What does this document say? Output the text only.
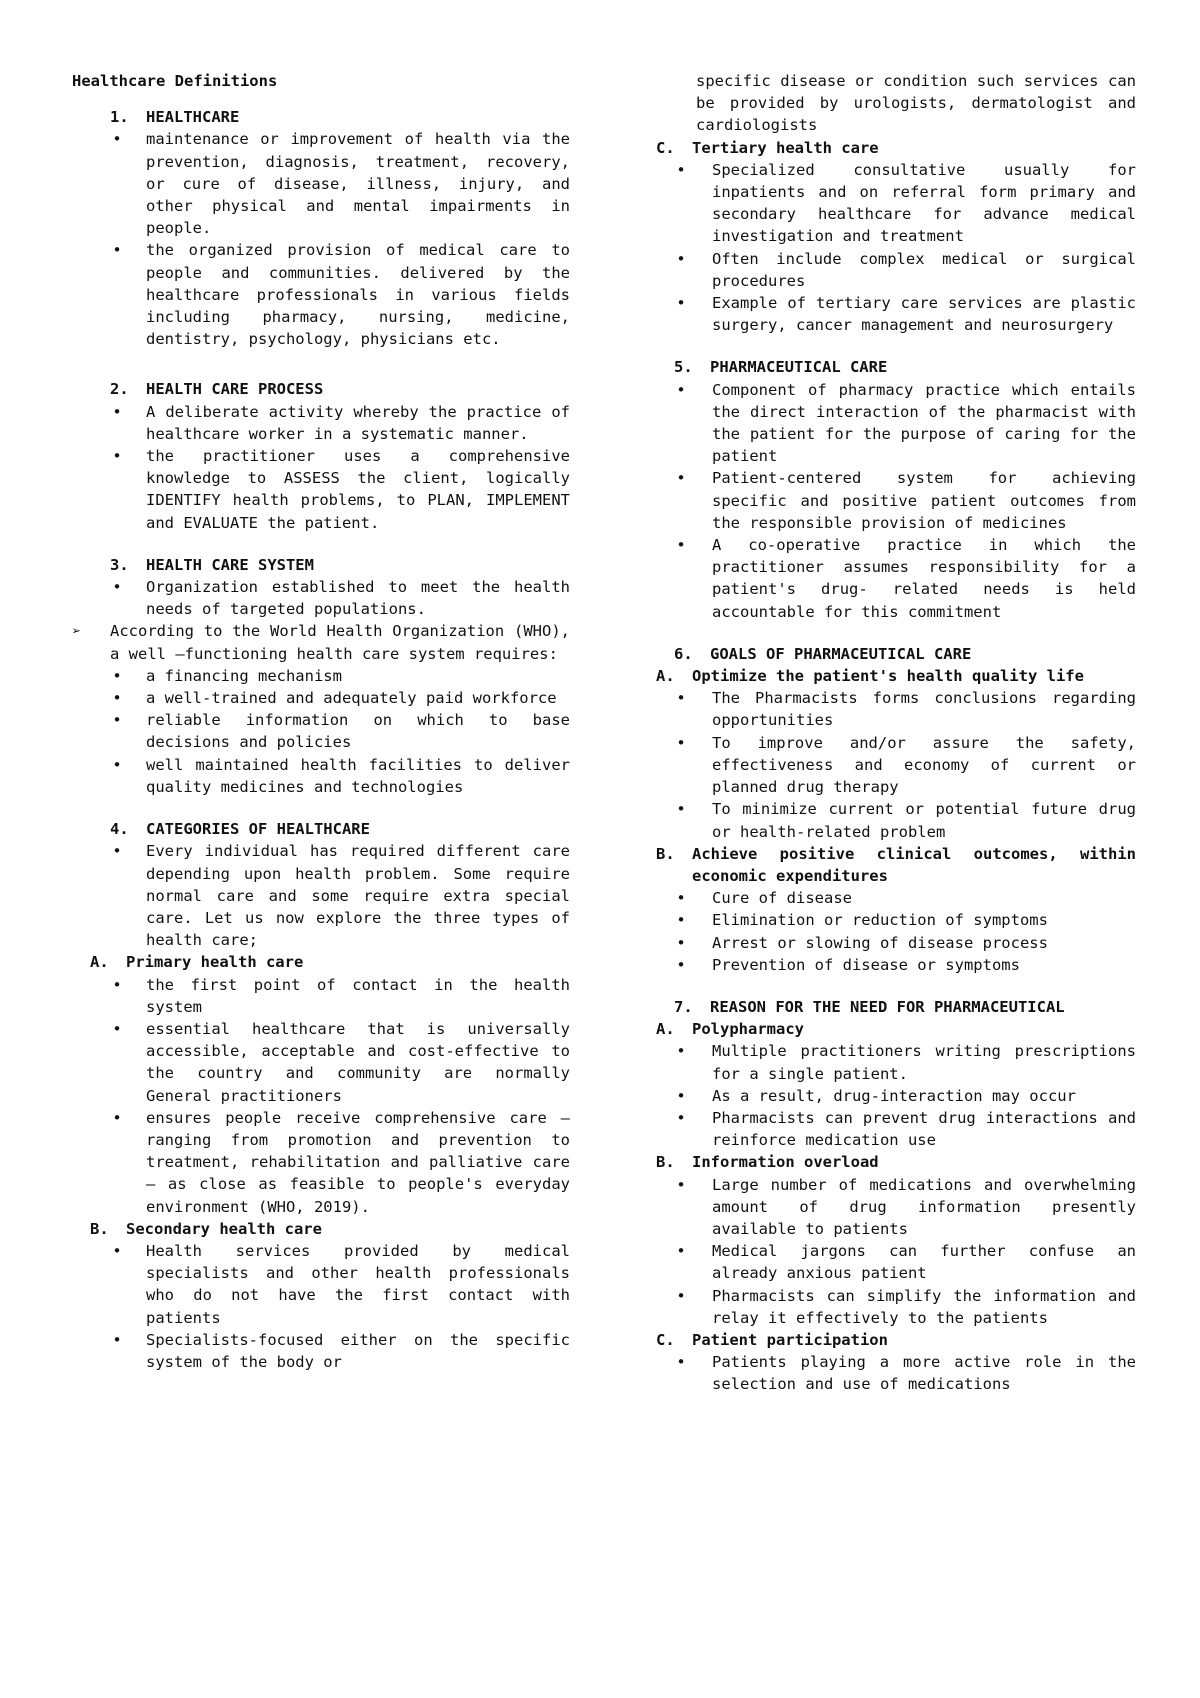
Healthcare Definitions
1. HEALTHCARE
• maintenance or improvement of health via the prevention, diagnosis, treatment, recovery, or cure of disease, illness, injury, and other physical and mental impairments in people.
• the organized provision of medical care to people and communities. delivered by the healthcare professionals in various fields including pharmacy, nursing, medicine, dentistry, psychology, physicians etc.
2. HEALTH CARE PROCESS
• A deliberate activity whereby the practice of healthcare worker in a systematic manner.
• the practitioner uses a comprehensive knowledge to ASSESS the client, logically IDENTIFY health problems, to PLAN, IMPLEMENT and EVALUATE the patient.
3. HEALTH CARE SYSTEM
• Organization established to meet the health needs of targeted populations.
➢ According to the World Health Organization (WHO), a well –functioning health care system requires:
• a financing mechanism
• a well-trained and adequately paid workforce
• reliable information on which to base decisions and policies
• well maintained health facilities to deliver quality medicines and technologies
4. CATEGORIES OF HEALTHCARE
• Every individual has required different care depending upon health problem. Some require normal care and some require extra special care. Let us now explore the three types of health care;
A. Primary health care
• the first point of contact in the health system
• essential healthcare that is universally accessible, acceptable and cost-effective to the country and community are normally General practitioners
• ensures people receive comprehensive care – ranging from promotion and prevention to treatment, rehabilitation and palliative care – as close as feasible to people's everyday environment (WHO, 2019).
B. Secondary health care
• Health services provided by medical specialists and other health professionals who do not have the first contact with patients
• Specialists-focused either on the specific system of the body or
specific disease or condition such services can be provided by urologists, dermatologist and cardiologists
C. Tertiary health care
• Specialized consultative usually for inpatients and on referral form primary and secondary healthcare for advance medical investigation and treatment
• Often include complex medical or surgical procedures
• Example of tertiary care services are plastic surgery, cancer management and neurosurgery
5. PHARMACEUTICAL CARE
• Component of pharmacy practice which entails the direct interaction of the pharmacist with the patient for the purpose of caring for the patient
• Patient-centered system for achieving specific and positive patient outcomes from the responsible provision of medicines
• A co-operative practice in which the practitioner assumes responsibility for a patient's drug- related needs is held accountable for this commitment
6. GOALS OF PHARMACEUTICAL CARE
A. Optimize the patient's health quality life
• The Pharmacists forms conclusions regarding opportunities
• To improve and/or assure the safety, effectiveness and economy of current or planned drug therapy
• To minimize current or potential future drug or health-related problem
B. Achieve positive clinical outcomes, within economic expenditures
• Cure of disease
• Elimination or reduction of symptoms
• Arrest or slowing of disease process
• Prevention of disease or symptoms
7. REASON FOR THE NEED FOR PHARMACEUTICAL
A. Polypharmacy
• Multiple practitioners writing prescriptions for a single patient.
• As a result, drug-interaction may occur
• Pharmacists can prevent drug interactions and reinforce medication use
B. Information overload
• Large number of medications and overwhelming amount of drug information presently available to patients
• Medical jargons can further confuse an already anxious patient
• Pharmacists can simplify the information and relay it effectively to the patients
C. Patient participation
• Patients playing a more active role in the selection and use of medications
